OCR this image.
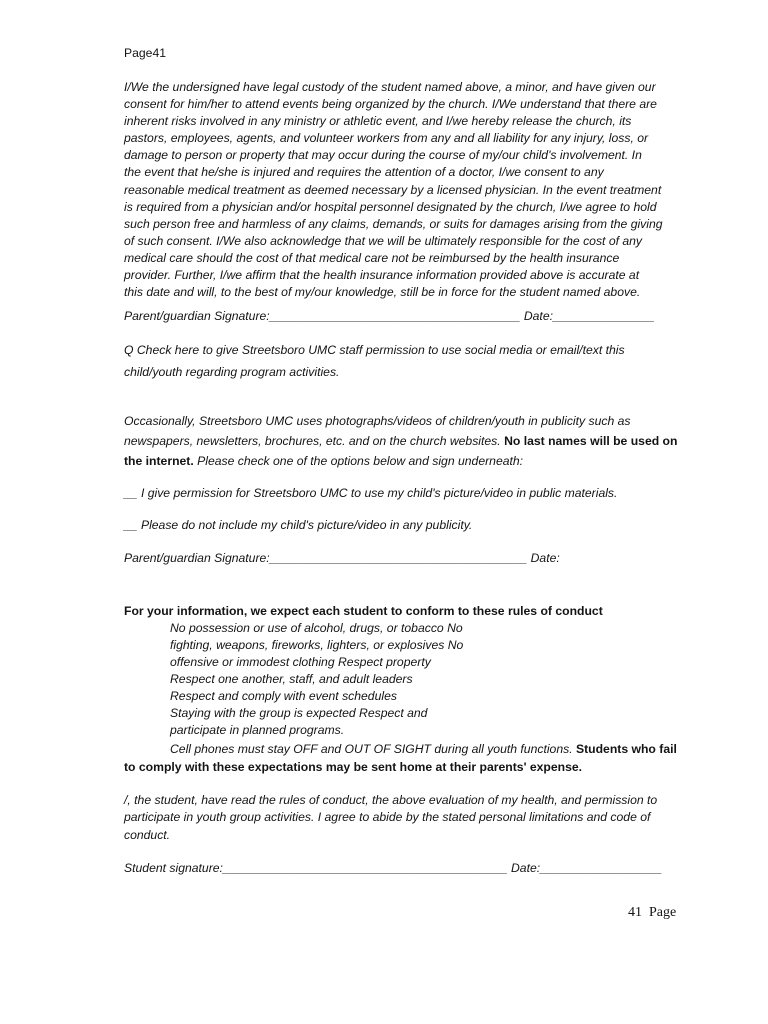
Page41
I/We the undersigned have legal custody of the student named above, a minor, and have given our
consent for him/her to attend events being organized by the church. I/We understand that there are
inherent risks involved in any ministry or athletic event, and I/we hereby release the church, its
pastors, employees, agents, and volunteer workers from any and all liability for any injury, loss, or
damage to person or property that may occur during the course of my/our child's involvement. In
the event that he/she is injured and requires the attention of a doctor, I/we consent to any
reasonable medical treatment as deemed necessary by a licensed physician. In the event treatment
is required from a physician and/or hospital personnel designated by the church, I/we agree to hold
such person free and harmless of any claims, demands, or suits for damages arising from the giving
of such consent. I/We also acknowledge that we will be ultimately responsible for the cost of any
medical care should the cost of that medical care not be reimbursed by the health insurance
provider. Further, I/we affirm that the health insurance information provided above is accurate at
this date and will, to the best of my/our knowledge, still be in force for the student named above.
Parent/guardian Signature:_____________________________________ Date:_______________
Q Check here to give Streetsboro UMC staff permission to use social media or email/text this
child/youth regarding program activities.
Occasionally, Streetsboro UMC uses photographs/videos of children/youth in publicity such as
newspapers, newsletters, brochures, etc. and on the church websites. No last names will be used on
the internet. Please check one of the options below and sign underneath:
__ I give permission for Streetsboro UMC to use my child's picture/video in public materials.
__ Please do not include my child's picture/video in any publicity.
Parent/guardian Signature:______________________________________ Date:
For your information, we expect each student to conform to these rules of conduct
No possession or use of alcohol, drugs, or tobacco No
fighting, weapons, fireworks, lighters, or explosives No
offensive or immodest clothing Respect property
Respect one another, staff, and adult leaders
Respect and comply with event schedules
Staying with the group is expected Respect and
participate in planned programs.
Cell phones must stay OFF and OUT OF SIGHT during all youth functions. Students who fail
to comply with these expectations may be sent home at their parents' expense.
/, the student, have read the rules of conduct, the above evaluation of my health, and permission to
participate in youth group activities. I agree to abide by the stated personal limitations and code of
conduct.
Student signature:__________________________________________ Date:__________________
41 Page
